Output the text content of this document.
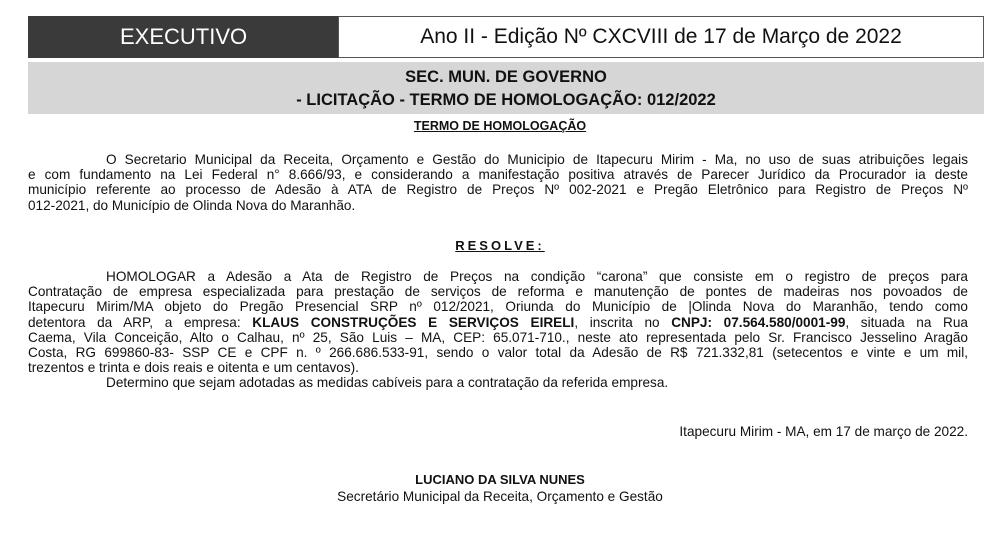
EXECUTIVO	Ano II - Edição Nº CXCVIII de 17 de Março de 2022
SEC. MUN. DE GOVERNO
- LICITAÇÃO - TERMO DE HOMOLOGAÇÃO: 012/2022
TERMO DE HOMOLOGAÇÃO
O Secretario Municipal da Receita, Orçamento e Gestão do Municipio de Itapecuru Mirim - Ma, no uso de suas atribuições legais
e com fundamento na Lei Federal n° 8.666/93, e considerando a manifestação positiva através de Parecer Jurídico da Procurador ia deste
município referente ao processo de Adesão à ATA de Registro de Preços Nº 002-2021 e Pregão Eletrônico para Registro de Preços Nº
012-2021, do Município de Olinda Nova do Maranhão.
RESOLVE:
HOMOLOGAR a Adesão a Ata de Registro de Preços na condição “carona” que consiste em o registro de preços para
Contratação de empresa especializada para prestação de serviços de reforma e manutenção de pontes de madeiras nos povoados de
Itapecuru Mirim/MA objeto do Pregão Presencial SRP nº 012/2021, Oriunda do Município de |Olinda Nova do Maranhão, tendo como
detentora da ARP, a empresa: KLAUS CONSTRUÇÕES E SERVIÇOS EIRELI, inscrita no CNPJ: 07.564.580/0001-99, situada na Rua
Caema, Vila Conceição, Alto o Calhau, nº 25, São Luis – MA, CEP: 65.071-710., neste ato representada pelo Sr. Francisco Jesselino Aragão
Costa, RG 699860-83- SSP CE e CPF n. º 266.686.533-91, sendo o valor total da Adesão de R$ 721.332,81 (setecentos e vinte e um mil,
trezentos e trinta e dois reais e oitenta e um centavos).
Determino que sejam adotadas as medidas cabíveis para a contratação da referida empresa.
Itapecuru Mirim - MA, em 17 de março de 2022.
LUCIANO DA SILVA NUNES
Secretário Municipal da Receita, Orçamento e Gestão
